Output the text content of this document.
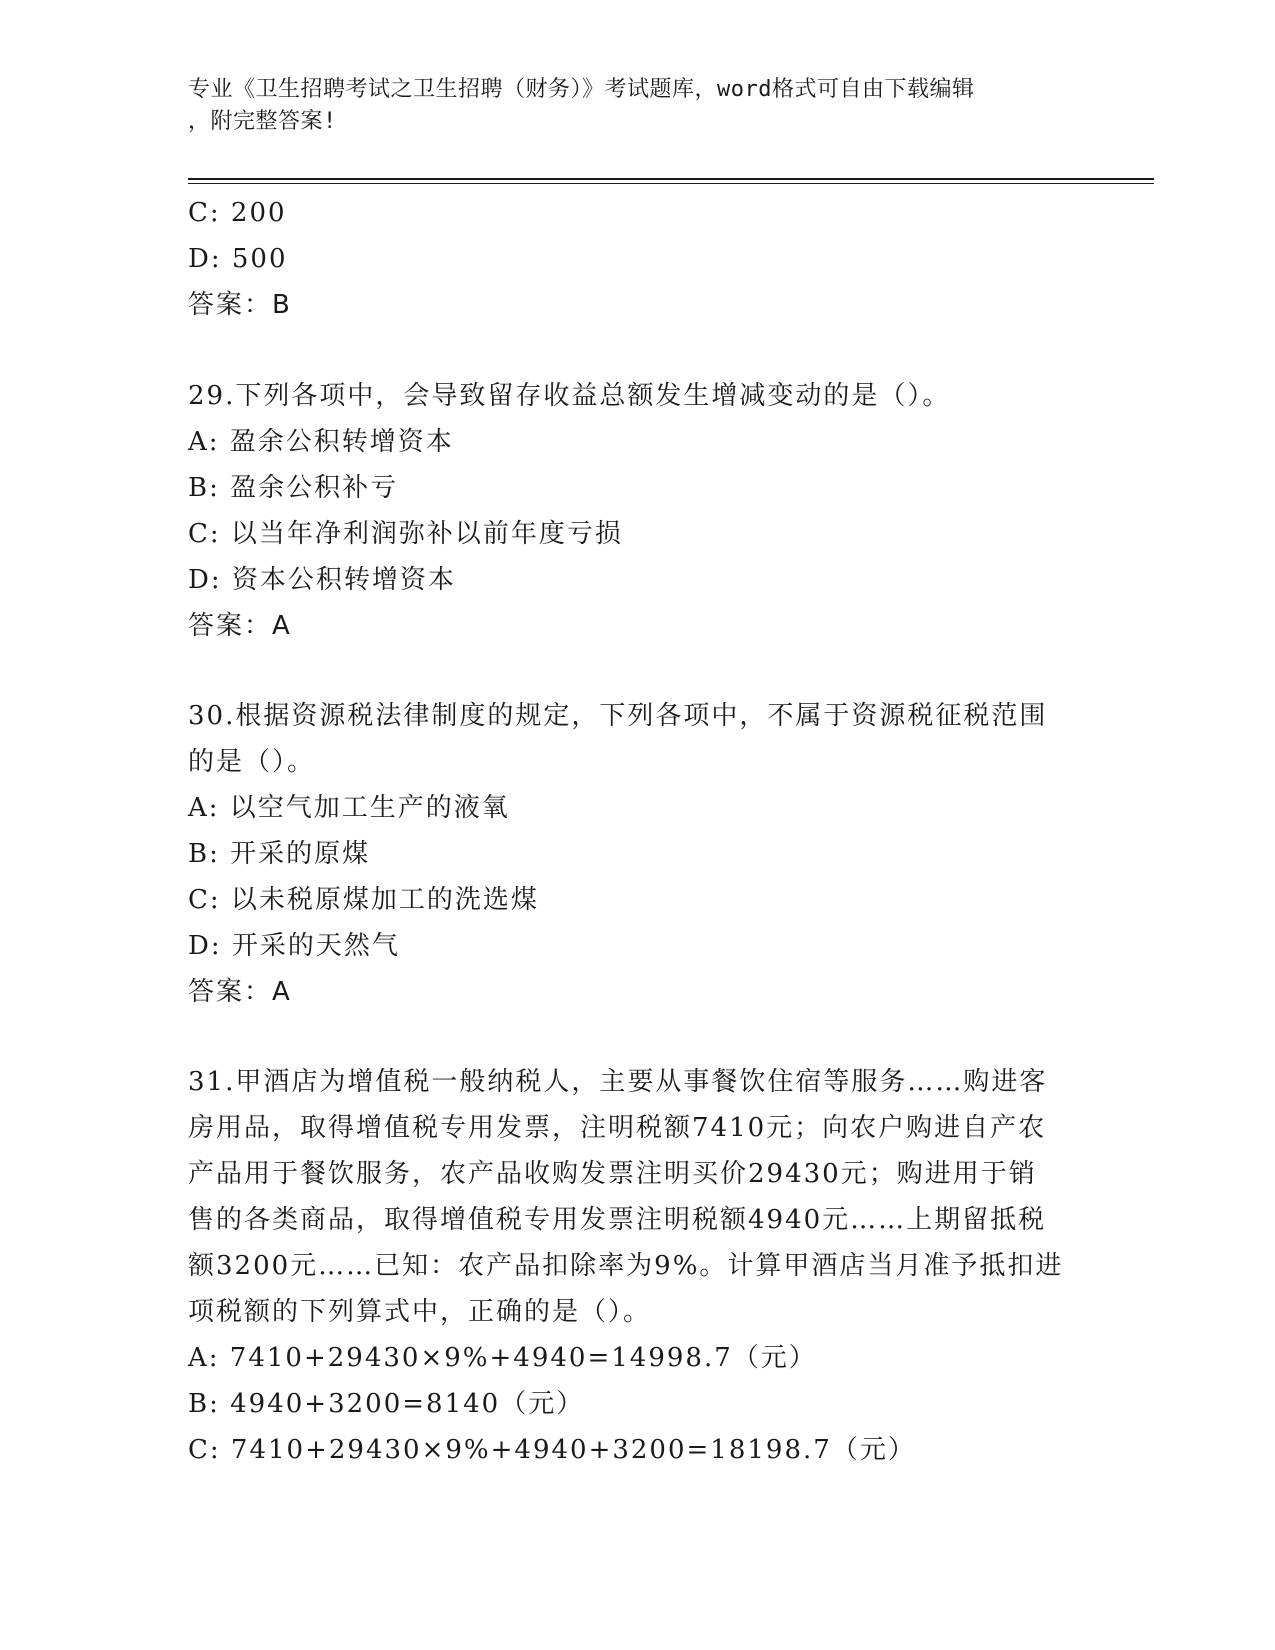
专业《卫生招聘考试之卫生招聘（财务）》考试题库，word格式可自由下载编辑
，附完整答案!
C: 200
D: 500
答案：B
29.下列各项中，会导致留存收益总额发生增减变动的是（）。
A: 盈余公积转增资本
B: 盈余公积补亏
C: 以当年净利润弥补以前年度亏损
D: 资本公积转增资本
答案：A
30.根据资源税法律制度的规定，下列各项中，不属于资源税征税范围
的是（）。
A: 以空气加工生产的液氧
B: 开采的原煤
C: 以未税原煤加工的洗选煤
D: 开采的天然气
答案：A
31.甲酒店为增值税一般纳税人，主要从事餐饮住宿等服务……购进客
房用品，取得增值税专用发票，注明税额7410元；向农户购进自产农
产品用于餐饮服务，农产品收购发票注明买价29430元；购进用于销
售的各类商品，取得增值税专用发票注明税额4940元……上期留抵税
额3200元……已知：农产品扣除率为9%。计算甲酒店当月准予抵扣进
项税额的下列算式中，正确的是（）。
A: 7410+29430×9%+4940=14998.7（元）
B: 4940+3200=8140（元）
C: 7410+29430×9%+4940+3200=18198.7（元）
